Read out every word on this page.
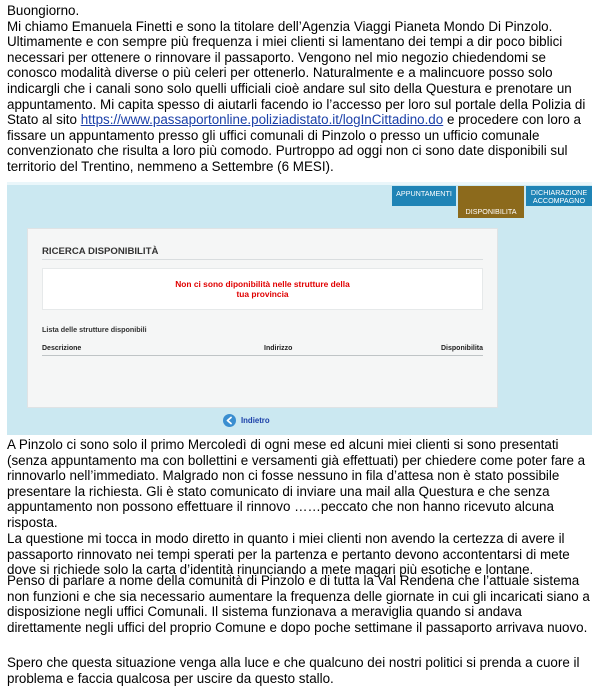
Buongiorno.
Mi chiamo Emanuela Finetti e sono la titolare dell’Agenzia Viaggi Pianeta Mondo Di Pinzolo. Ultimamente e con sempre più frequenza i miei clienti si lamentano dei tempi a dir poco biblici necessari per ottenere o rinnovare il passaporto. Vengono nel mio negozio chiedendomi se conosco modalità diverse o più celeri per ottenerlo. Naturalmente e a malincuore posso solo indicargli che i canali sono solo quelli ufficiali cioè andare sul sito della Questura e prenotare un appuntamento. Mi capita spesso di aiutarli facendo io l’accesso per loro sul portale della Polizia di Stato al sito https://www.passaportonline.poliziadistato.it/logInCittadino.do e procedere con loro a fissare un appuntamento presso gli uffici comunali di Pinzolo o presso un ufficio comunale convenzionato che risulta a loro più comodo. Purtroppo ad oggi non ci sono date disponibili sul territorio del Trentino, nemmeno a Settembre (6 MESI).

APPUNTAMENTI
DISPONIBILITA
DICHIARAZIONE ACCOMPAGNO
RICERCA DISPONIBILITÀ
Non ci sono diponibilità nelle strutture della
tua provincia
Lista delle strutture disponibili
Descrizione	Indirizzo	Disponibilita
Indietro

A Pinzolo ci sono solo il primo Mercoledì di ogni mese ed alcuni miei clienti si sono presentati (senza appuntamento ma con bollettini e versamenti già effettuati) per chiedere come poter fare a rinnovarlo nell’immediato. Malgrado non ci fosse nessuno in fila d’attesa non è stato possibile presentare la richiesta. Gli è stato comunicato di inviare una mail alla Questura e che senza appuntamento non possono effettuare il rinnovo ……peccato che non hanno ricevuto alcuna risposta.

La questione mi tocca in modo diretto in quanto i miei clienti non avendo la certezza di avere il passaporto rinnovato nei tempi sperati per la partenza e pertanto devono accontentarsi di mete dove si richiede solo la carta d’identità rinunciando a mete magari più esotiche e lontane.

Penso di parlare a nome della comunità di Pinzolo e di tutta la Val Rendena che l’attuale sistema non funzioni e che sia necessario aumentare la frequenza delle giornate in cui gli incaricati siano a disposizione negli uffici Comunali. Il sistema funzionava a meraviglia quando si andava direttamente negli uffici del proprio Comune e dopo poche settimane il passaporto arrivava nuovo.

Spero che questa situazione venga alla luce e che qualcuno dei nostri politici si prenda a cuore il problema e faccia qualcosa per uscire da questo stallo.
